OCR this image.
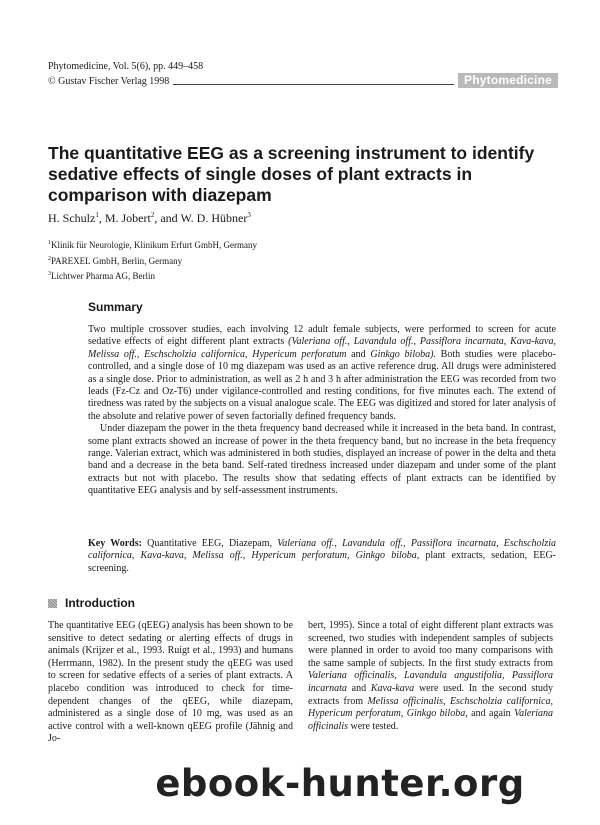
Phytomedicine, Vol. 5(6), pp. 449–458
© Gustav Fischer Verlag 1998	Phytomedicine
The quantitative EEG as a screening instrument to identify sedative effects of single doses of plant extracts in comparison with diazepam
H. Schulz$^1$, M. Jobert$^2$, and W. D. Hübner$^3$
$^1$Klinik für Neurologie, Klinikum Erfurt GmbH, Germany
$^2$PAREXEL GmbH, Berlin, Germany
$^3$Lichtwer Pharma AG, Berlin
Summary

Two multiple crossover studies, each involving 12 adult female subjects, were performed to screen for acute sedative effects of eight different plant extracts (Valeriana off., Lavandula off., Passiflora incarnata, Kava-kava, Melissa off., Eschscholzia californica, Hypericum perforatum and Ginkgo biloba). Both studies were placebo-controlled, and a single dose of 10 mg diazepam was used as an active reference drug. All drugs were administered as a single dose. Prior to administration, as well as 2 h and 3 h after administration the EEG was recorded from two leads (Fz-Cz and Oz-T6) under vigilance-controlled and resting conditions, for five minutes each. The extend of tiredness was rated by the subjects on a visual analogue scale. The EEG was digitized and stored for later analysis of the absolute and relative power of seven factorially defined frequency bands.

Under diazepam the power in the theta frequency band decreased while it increased in the beta band. In contrast, some plant extracts showed an increase of power in the theta frequency band, but no increase in the beta frequency range. Valerian extract, which was administered in both studies, displayed an increase of power in the delta and theta band and a decrease in the beta band. Self-rated tiredness increased under diazepam and under some of the plant extracts but not with placebo. The results show that sedating effects of plant extracts can be identified by quantitative EEG analysis and by self-assessment instruments.

Key Words: Quantitative EEG, Diazepam, Valeriana off., Lavandula off., Passiflora incarnata, Eschscholzia californica, Kava-kava, Melissa off., Hypericum perforatum, Ginkgo biloba, plant extracts, sedation, EEG-screening.
Introduction

The quantitative EEG (qEEG) analysis has been shown to be sensitive to detect sedating or alerting effects of drugs in animals (Krijzer et al., 1993. Ruigt et al., 1993) and humans (Herrmann, 1982). In the present study the qEEG was used to screen for sedative effects of a series of plant extracts. A placebo condition was introduced to check for time-dependent changes of the qEEG, while diazepam, administered as a single dose of 10 mg, was used as an active control with a well-known qEEG profile (Jähnig and Jo-

bert, 1995). Since a total of eight different plant extracts was screened, two studies with independent samples of subjects were planned in order to avoid too many comparisons with the same sample of subjects. In the first study extracts from Valeriana officinalis, Lavandula angustifolia, Passiflora incarnata and Kava-kava were used. In the second study extracts from Melissa officinalis, Eschscholzia californica, Hypericum perforatum, Ginkgo biloba, and again Valeriana officinalis were tested.

ebook-hunter.org
